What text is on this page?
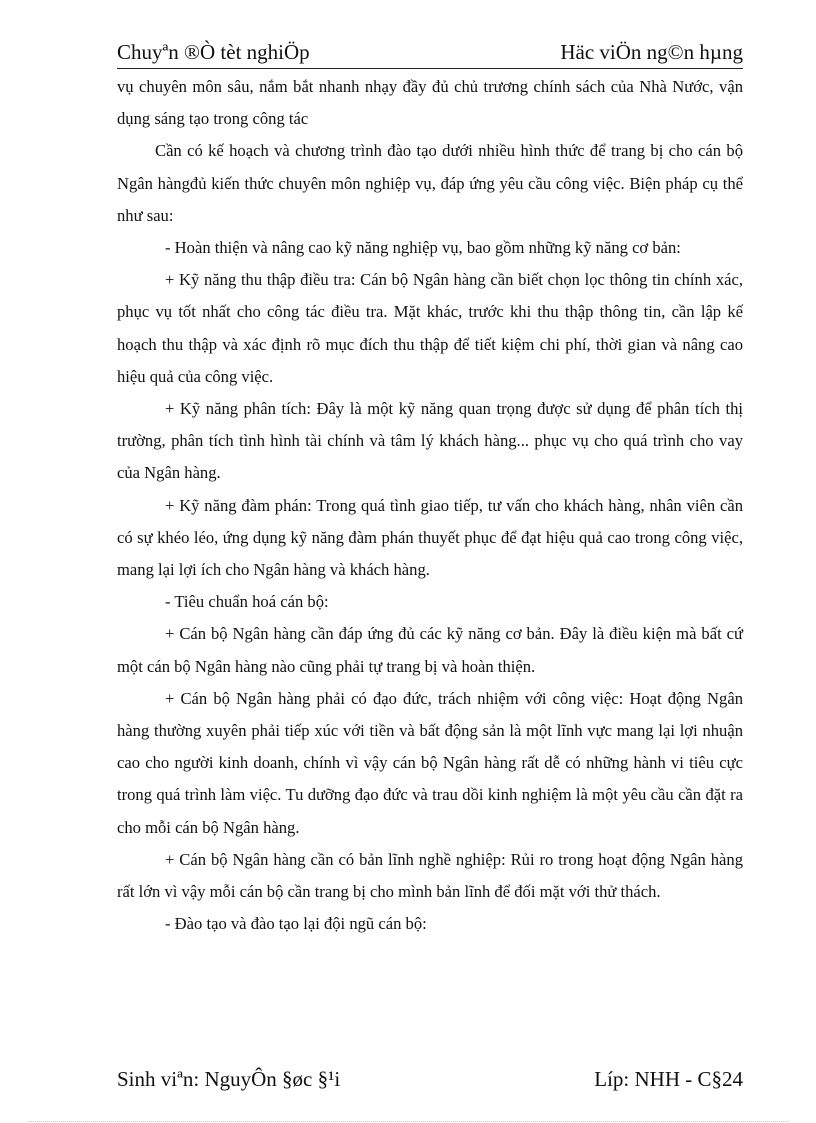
Chuyªn ®Ò tèt nghiÖp	Häc viÖn ng©n hµng

vụ chuyên môn sâu, nắm bắt nhanh nhạy đầy đủ chủ trương chính sách của Nhà Nước, vận dụng sáng tạo trong công tác

Cần có kế hoạch và chương trình đào tạo dưới nhiều hình thức để trang bị cho cán bộ Ngân hàngđủ kiến thức chuyên môn nghiệp vụ, đáp ứng yêu cầu công việc. Biện pháp cụ thể như sau:

- Hoàn thiện và nâng cao kỹ năng nghiệp vụ, bao gồm những kỹ năng cơ bản:

+ Kỹ năng thu thập điều tra: Cán bộ Ngân hàng cần biết chọn lọc thông tin chính xác, phục vụ tốt nhất cho công tác điều tra. Mặt khác, trước khi thu thập thông tin, cần lập kế hoạch thu thập và xác định rõ mục đích thu thập để tiết kiệm chi phí, thời gian và nâng cao hiệu quả của công việc.

+ Kỹ năng phân tích: Đây là một kỹ năng quan trọng được sử dụng để phân tích thị trường, phân tích tình hình tài chính và tâm lý khách hàng... phục vụ cho quá trình cho vay của Ngân hàng.

+ Kỹ năng đàm phán: Trong quá tình giao tiếp, tư vấn cho khách hàng, nhân viên cần có sự khéo léo, ứng dụng kỹ năng đàm phán thuyết phục để đạt hiệu quả cao trong công việc, mang lại lợi ích cho Ngân hàng và khách hàng.

- Tiêu chuẩn hoá cán bộ:

+ Cán bộ Ngân hàng cần đáp ứng đủ các kỹ năng cơ bản. Đây là điều kiện mà bất cứ một cán bộ Ngân hàng nào cũng phải tự trang bị và hoàn thiện.

+ Cán bộ Ngân hàng phải có đạo đức, trách nhiệm với công việc: Hoạt động Ngân hàng thường xuyên phải tiếp xúc với tiền và bất động sản là một lĩnh vực mang lại lợi nhuận cao cho người kinh doanh, chính vì vậy cán bộ Ngân hàng rất dễ có những hành vi tiêu cực trong quá trình làm việc. Tu dưỡng đạo đức và trau dồi kinh nghiệm là một yêu cầu cần đặt ra cho mỗi cán bộ Ngân hàng.

+ Cán bộ Ngân hàng cần có bản lĩnh nghề nghiệp: Rủi ro trong hoạt động Ngân hàng rất lớn vì vậy mỗi cán bộ cần trang bị cho mình bản lĩnh để đối mặt với thử thách.

- Đào tạo và đào tạo lại đội ngũ cán bộ:

Sinh viªn: NguyÔn §øc §¹i	Líp: NHH - C§24
